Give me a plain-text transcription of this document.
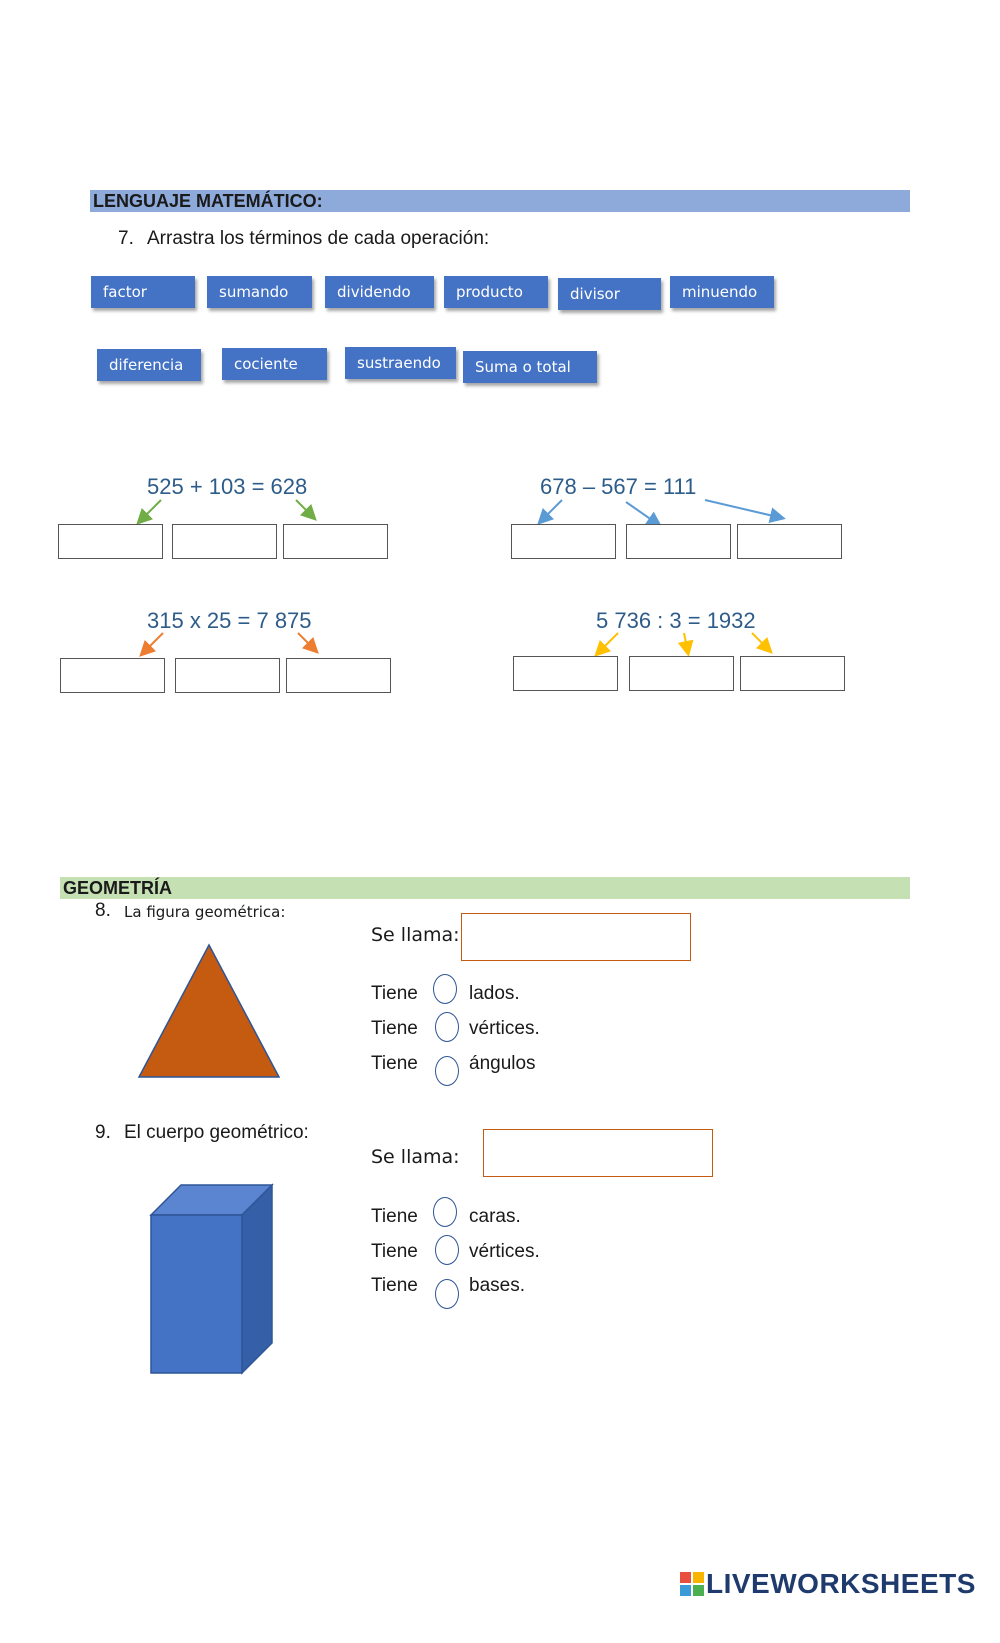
LENGUAJE MATEMÁTICO:
7. Arrastra los términos de cada operación:
factor	sumando	dividendo	producto	divisor	minuendo
diferencia	cociente	sustraendo	Suma o total
525 + 103 = 628	678 – 567 = 111
315 x 25 = 7 875	5 736 : 3 = 1932
GEOMETRÍA
8. La figura geométrica:
Se llama:
Tiene	lados.
Tiene	vértices.
Tiene	ángulos
9. El cuerpo geométrico:
Se llama:
Tiene	caras.
Tiene	vértices.
Tiene	bases.
LIVEWORKSHEETS
